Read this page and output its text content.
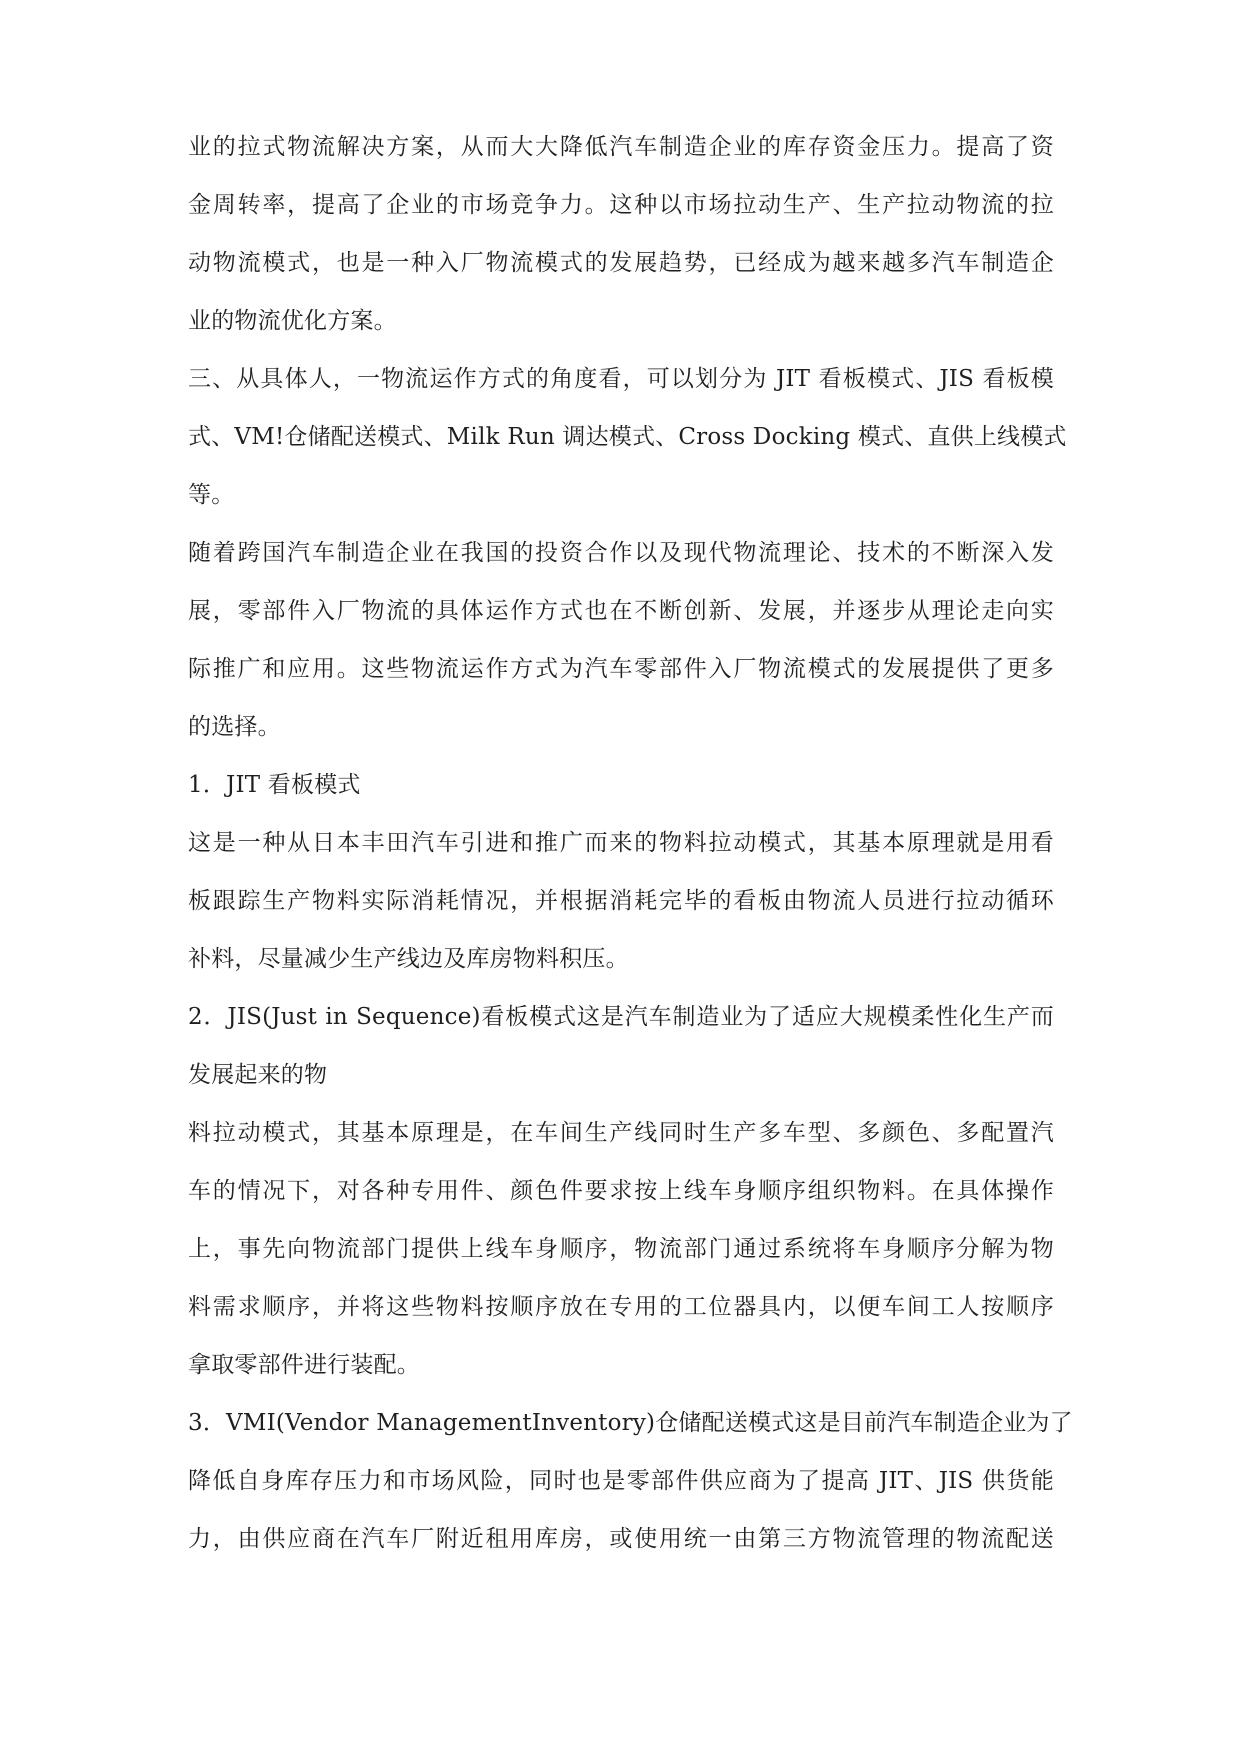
业的拉式物流解决方案，从而大大降低汽车制造企业的库存资金压力。提高了资
金周转率，提高了企业的市场竞争力。这种以市场拉动生产、生产拉动物流的拉
动物流模式，也是一种入厂物流模式的发展趋势，已经成为越来越多汽车制造企
业的物流优化方案。
三、从具体人，一物流运作方式的角度看，可以划分为 JIT 看板模式、JIS 看板模
式、VM!仓储配送模式、Milk Run 调达模式、Cross Docking 模式、直供上线模式
等。
随着跨国汽车制造企业在我国的投资合作以及现代物流理论、技术的不断深入发
展，零部件入厂物流的具体运作方式也在不断创新、发展，并逐步从理论走向实
际推广和应用。这些物流运作方式为汽车零部件入厂物流模式的发展提供了更多
的选择。
1．JIT 看板模式
这是一种从日本丰田汽车引进和推广而来的物料拉动模式，其基本原理就是用看
板跟踪生产物料实际消耗情况，并根据消耗完毕的看板由物流人员进行拉动循环
补料，尽量减少生产线边及库房物料积压。
2．JIS(Just in Sequence)看板模式这是汽车制造业为了适应大规模柔性化生产而
发展起来的物
料拉动模式，其基本原理是，在车间生产线同时生产多车型、多颜色、多配置汽
车的情况下，对各种专用件、颜色件要求按上线车身顺序组织物料。在具体操作
上，事先向物流部门提供上线车身顺序，物流部门通过系统将车身顺序分解为物
料需求顺序，并将这些物料按顺序放在专用的工位器具内，以便车间工人按顺序
拿取零部件进行装配。
3．VMI(Vendor ManagementInventory)仓储配送模式这是目前汽车制造企业为了
降低自身库存压力和市场风险，同时也是零部件供应商为了提高 JIT、JIS 供货能
力，由供应商在汽车厂附近租用库房，或使用统一由第三方物流管理的物流配送
